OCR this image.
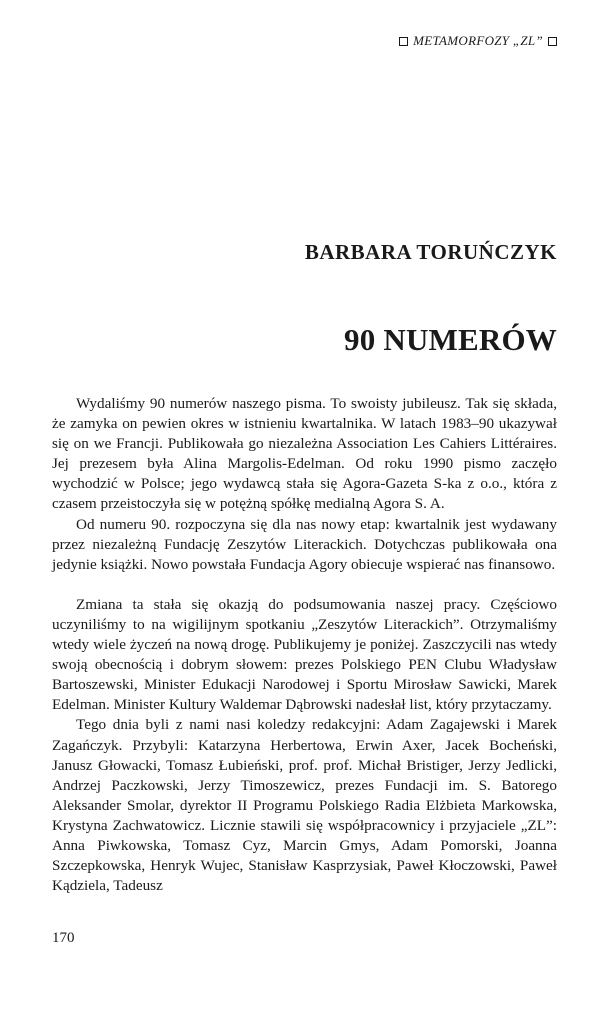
METAMORFOZY „ZL”
BARBARA TORUŃCZYK
90 NUMERÓW

Wydaliśmy 90 numerów naszego pisma. To swoisty jubileusz. Tak się składa, że zamyka on pewien okres w istnieniu kwartalnika. W latach 1983–90 ukazywał się on we Francji. Publikowała go niezależna Association Les Cahiers Littéraires. Jej prezesem była Alina Margolis-Edelman. Od roku 1990 pismo zaczęło wychodzić w Polsce; jego wydawcą stała się Agora-Gazeta S-ka z o.o., która z czasem przeistoczyła się w potężną spółkę medialną Agora S. A.

Od numeru 90. rozpoczyna się dla nas nowy etap: kwartalnik jest wydawany przez niezależną Fundację Zeszytów Literackich. Dotychczas publikowała ona jedynie książki. Nowo powstała Fundacja Agory obiecuje wspierać nas finansowo.

Zmiana ta stała się okazją do podsumowania naszej pracy. Częściowo uczyniliśmy to na wigilijnym spotkaniu „Zeszytów Literackich”. Otrzymaliśmy wtedy wiele życzeń na nową drogę. Publikujemy je poniżej. Zaszczycili nas wtedy swoją obecnością i dobrym słowem: prezes Polskiego PEN Clubu Władysław Bartoszewski, Minister Edukacji Narodowej i Sportu Mirosław Sawicki, Marek Edelman. Minister Kultury Waldemar Dąbrowski nadesłał list, który przytaczamy.

Tego dnia byli z nami nasi koledzy redakcyjni: Adam Zagajewski i Marek Zagańczyk. Przybyli: Katarzyna Herbertowa, Erwin Axer, Jacek Bocheński, Janusz Głowacki, Tomasz Łubieński, prof. prof. Michał Bristiger, Jerzy Jedlicki, Andrzej Paczkowski, Jerzy Timoszewicz, prezes Fundacji im. S. Batorego Aleksander Smolar, dyrektor II Programu Polskiego Radia Elżbieta Markowska, Krystyna Zachwatowicz. Licznie stawili się współpracownicy i przyjaciele „ZL”: Anna Piwkowska, Tomasz Cyz, Marcin Gmys, Adam Pomorski, Joanna Szczepkowska, Henryk Wujec, Stanisław Kasprzysiak, Paweł Kłoczowski, Paweł Kądziela, Tadeusz

170
